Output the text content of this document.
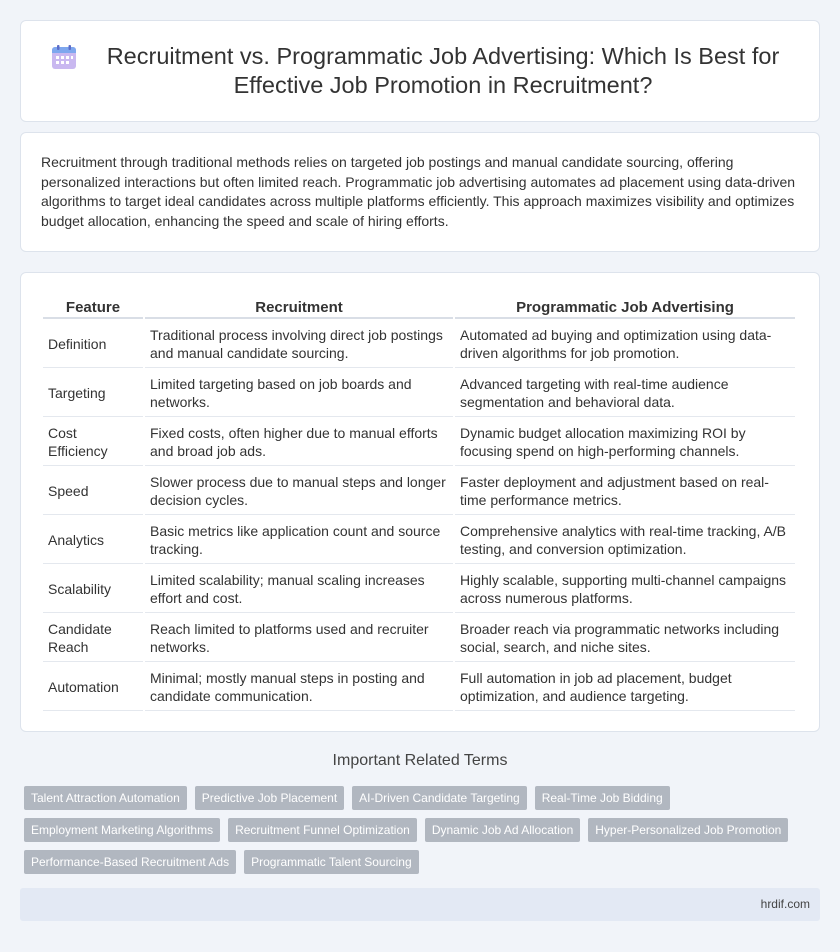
Recruitment vs. Programmatic Job Advertising: Which Is Best for Effective Job Promotion in Recruitment?

Recruitment through traditional methods relies on targeted job postings and manual candidate sourcing, offering personalized interactions but often limited reach. Programmatic job advertising automates ad placement using data-driven algorithms to target ideal candidates across multiple platforms efficiently. This approach maximizes visibility and optimizes budget allocation, enhancing the speed and scale of hiring efforts.

Feature	Recruitment	Programmatic Job Advertising
Definition	Traditional process involving direct job postings and manual candidate sourcing.	Automated ad buying and optimization using data-driven algorithms for job promotion.
Targeting	Limited targeting based on job boards and networks.	Advanced targeting with real-time audience segmentation and behavioral data.
Cost Efficiency	Fixed costs, often higher due to manual efforts and broad job ads.	Dynamic budget allocation maximizing ROI by focusing spend on high-performing channels.
Speed	Slower process due to manual steps and longer decision cycles.	Faster deployment and adjustment based on real-time performance metrics.
Analytics	Basic metrics like application count and source tracking.	Comprehensive analytics with real-time tracking, A/B testing, and conversion optimization.
Scalability	Limited scalability; manual scaling increases effort and cost.	Highly scalable, supporting multi-channel campaigns across numerous platforms.
Candidate Reach	Reach limited to platforms used and recruiter networks.	Broader reach via programmatic networks including social, search, and niche sites.
Automation	Minimal; mostly manual steps in posting and candidate communication.	Full automation in job ad placement, budget optimization, and audience targeting.
Important Related Terms
Talent Attraction Automation	Predictive Job Placement	AI-Driven Candidate Targeting	Real-Time Job Bidding
Employment Marketing Algorithms	Recruitment Funnel Optimization	Dynamic Job Ad Allocation	Hyper-Personalized Job Promotion
Performance-Based Recruitment Ads	Programmatic Talent Sourcing
hrdif.com
